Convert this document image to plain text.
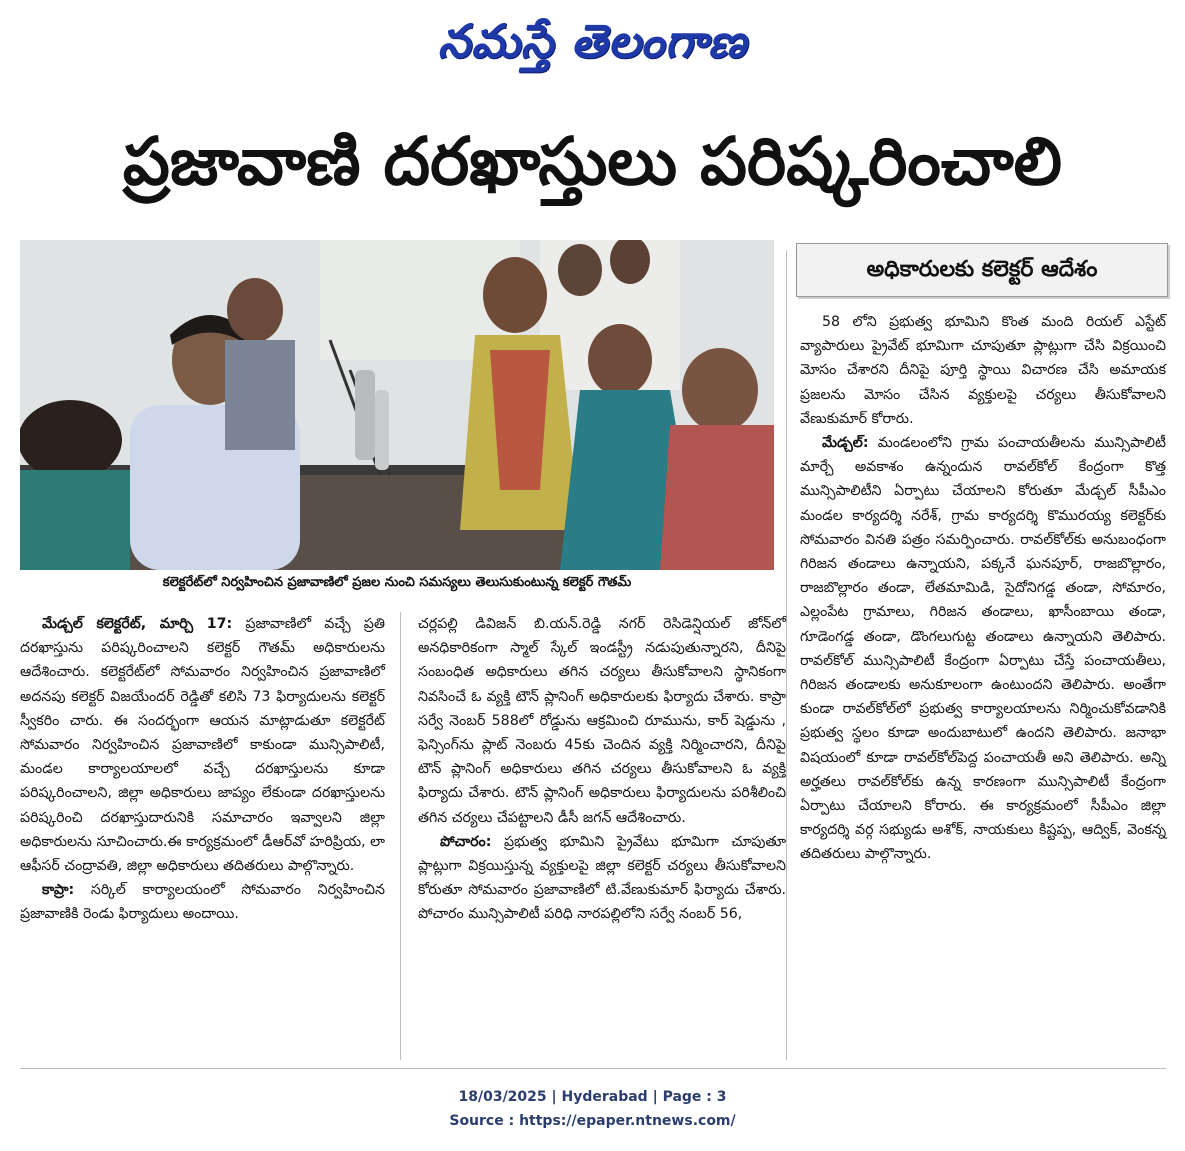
నమస్తే తెలంగాణ
ప్రజావాణి దరఖాస్తులు పరిష్కరించాలి
కలెక్టరేట్‌లో నిర్వహించిన ప్రజావాణిలో ప్రజల నుంచి సమస్యలు తెలుసుకుంటున్న కలెక్టర్ గౌతమ్
అధికారులకు కలెక్టర్ ఆదేశం

మేడ్చల్ కలెక్టరేట్, మార్చి 17: ప్రజావాణిలో వచ్చే ప్రతి దరఖాస్తును పరిష్కరించాలని కలెక్టర్ గౌతమ్ అధికారులను ఆదేశించారు. కలెక్టరేట్‌లో సోమవారం నిర్వహించిన ప్రజావాణిలో అదనపు కలెక్టర్ విజయేందర్ రెడ్డితో కలిసి 73 ఫిర్యాదులను కలెక్టర్ స్వీకరిం చారు. ఈ సందర్భంగా ఆయన మాట్లాడుతూ కలెక్టరేట్ సోమవారం నిర్వహించిన ప్రజావాణిలో కాకుండా మున్సిపాలిటీ, మండల కార్యాలయాలలో వచ్చే దరఖాస్తులను కూడా పరిష్కరించాలని, జిల్లా అధికారులు జాప్యం లేకుండా దరఖాస్తులను పరిష్కరించి దరఖాస్తుదారునికి సమాచారం ఇవ్వాలని జిల్లా అధికారులను సూచించారు.ఈ కార్యక్రమంలో డీఆర్‌వో హరిప్రియ, లా ఆఫీసర్ చంద్రావతి, జిల్లా అధికారులు తదితరులు పాల్గొన్నారు.

కాప్రా: సర్కిల్ కార్యాలయంలో సోమవారం నిర్వహించిన ప్రజావాణికి రెండు ఫిర్యాదులు అందాయి.

చర్లపల్లి డివిజన్ బి.యన్.రెడ్డి నగర్ రెసిడెన్షియల్ జోన్‌లో అనధికారికంగా స్మాల్ స్కేల్ ఇండస్ట్రీ నడుపుతున్నారని, దీనిపై సంబంధిత అధికారులు తగిన చర్యలు తీసుకోవాలని స్థానికంగా నివసించే ఓ వ్యక్తి టౌన్ ప్లానింగ్ అధికారులకు ఫిర్యాదు చేశారు. కాప్రా సర్వే నెంబర్ 588లో రోడ్డును ఆక్రమించి రూమును, కార్ షెడ్డును , ఫెన్సింగ్‌ను ప్లాట్ నెంబరు 45కు చెందిన వ్యక్తి నిర్మించారని, దీనిపై టౌన్ ప్లానింగ్ అధికారులు తగిన చర్యలు తీసుకోవాలని ఓ వ్యక్తి ఫిర్యాదు చేశారు. టౌన్ ప్లానింగ్ అధికారులు ఫిర్యాదులను పరిశీలించి తగిన చర్యలు చేపట్టాలని డీసీ జగన్ ఆదేశించారు.

పోచారం: ప్రభుత్వ భూమిని ప్రైవేటు భూమిగా చూపుతూ ప్లాట్లుగా విక్రయిస్తున్న వ్యక్తులపై జిల్లా కలెక్టర్ చర్యలు తీసుకోవాలని కోరుతూ సోమవారం ప్రజావాణిలో టి.వేణుకుమార్ ఫిర్యాదు చేశారు. పోచారం మున్సిపాలిటీ పరిధి నారపల్లిలోని సర్వే నంబర్ 56,

58 లోని ప్రభుత్వ భూమిని కొంత మంది రియల్ ఎస్టేట్ వ్యాపారులు ప్రైవేట్ భూమిగా చూపుతూ ప్లాట్లుగా చేసి విక్రయించి మోసం చేశారని దీనిపై పూర్తి స్థాయి విచారణ చేసి అమాయక ప్రజలను మోసం చేసిన వ్యక్తులపై చర్యలు తీసుకోవాలని వేణుకుమార్ కోరారు.

మేడ్చల్: మండలంలోని గ్రామ పంచాయతీలను మున్సిపాలిటీ మార్చే అవకాశం ఉన్నందున రావల్‌కోల్ కేంద్రంగా కొత్త మున్సిపాలిటీని ఏర్పాటు చేయాలని కోరుతూ మేడ్చల్ సీపీఎం మండల కార్యదర్శి నరేశ్, గ్రామ కార్యదర్శి కొమురయ్య కలెక్టర్‌కు సోమవారం వినతి పత్రం సమర్పించారు. రావల్‌కోల్‌కు అనుబంధంగా గిరిజన తండాలు ఉన్నాయని, పక్కనే ఘనపూర్, రాజబొల్లారం, రాజబొల్లారం తండా, లేతమామిడి, సైదోనిగడ్డ తండా, సోమారం, ఎల్లంపేట గ్రామాలు, గిరిజన తండాలు, ఖాసీంబాయి తండా, గూడెంగడ్డ తండా, డొంగలుగుట్ట తండాలు ఉన్నాయని తెలిపారు. రావల్‌కోల్ మున్సిపాలిటీ కేంద్రంగా ఏర్పాటు చేస్తే పంచాయతీలు, గిరిజన తండాలకు అనుకూలంగా ఉంటుందని తెలిపారు. అంతేగా కుండా రావల్‌కోల్‌లో ప్రభుత్వ కార్యాలయాలను నిర్మించుకోవడానికి ప్రభుత్వ స్థలం కూడా అందుబాటులో ఉందని తెలిపారు. జనాభా విషయంలో కూడా రావల్‌కోల్‌పెద్ద పంచాయతీ అని తెలిపారు. అన్ని అర్హతలు రావల్‌కోల్‌కు ఉన్న కారణంగా మున్సిపాలిటీ కేంద్రంగా ఏర్పాటు చేయాలని కోరారు. ఈ కార్యక్రమంలో సీపీఎం జిల్లా కార్యదర్శి వర్గ సభ్యుడు అశోక్, నాయకులు కిష్టప్ప, ఆద్విక్, వెంకన్న తదితరులు పాల్గొన్నారు.

18/03/2025 | Hyderabad | Page : 3
Source : https://epaper.ntnews.com/
